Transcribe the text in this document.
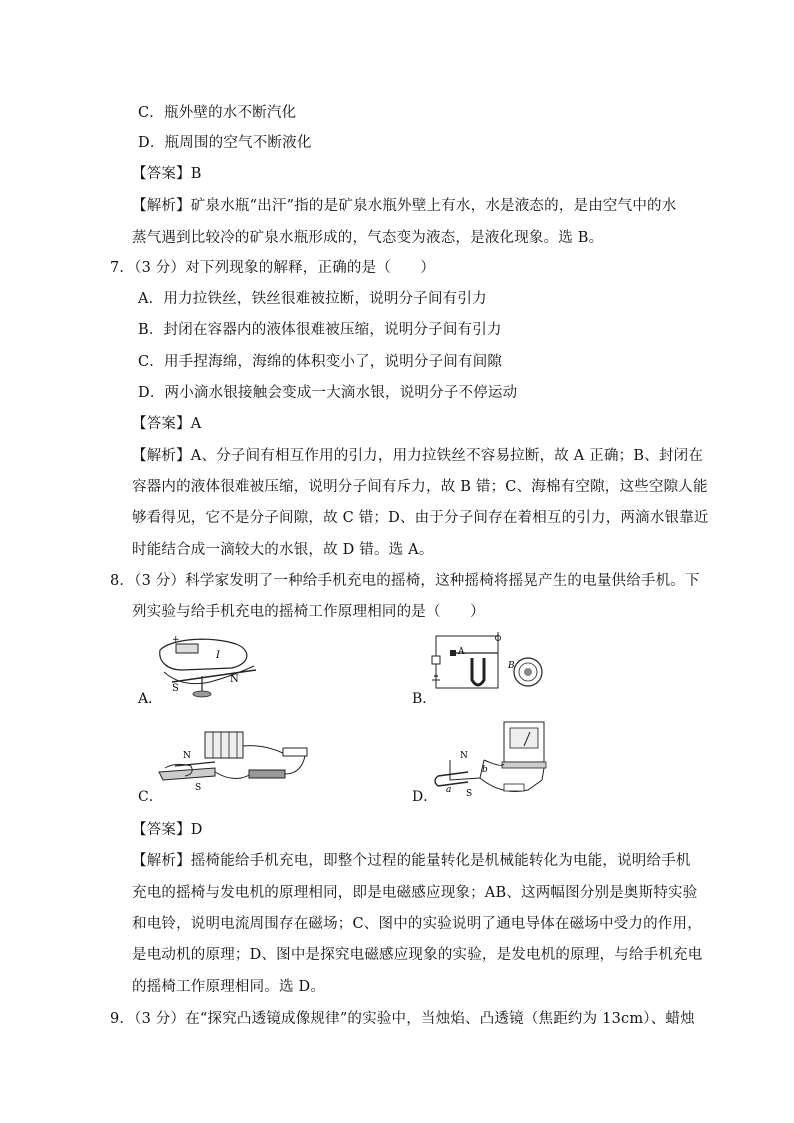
C．瓶外壁的水不断汽化
D．瓶周围的空气不断液化
【答案】B
【解析】矿泉水瓶“出汗”指的是矿泉水瓶外壁上有水，水是液态的，是由空气中的水
蒸气遇到比较冷的矿泉水瓶形成的，气态变为液态，是液化现象。选 B。
7．（3 分）对下列现象的解释，正确的是（　　）
A．用力拉铁丝，铁丝很难被拉断，说明分子间有引力
B．封闭在容器内的液体很难被压缩，说明分子间有引力
C．用手捏海绵，海绵的体积变小了，说明分子间有间隙
D．两小滴水银接触会变成一大滴水银，说明分子不停运动
【答案】A
【解析】A、分子间有相互作用的引力，用力拉铁丝不容易拉断，故 A 正确；B、封闭在
容器内的液体很难被压缩，说明分子间有斥力，故 B 错；C、海棉有空隙，这些空隙人能
够看得见，它不是分子间隙，故 C 错；D、由于分子间存在着相互的引力，两滴水银靠近
时能结合成一滴较大的水银，故 D 错。选 A。
8．（3 分）科学家发明了一种给手机充电的摇椅，这种摇椅将摇晃产生的电量供给手机。下
列实验与给手机充电的摇椅工作原理相同的是（　　）
+ −
I
S
N
A．
A
B
B．
N
S
C．
N
S
a
b
D．
【答案】D
【解析】摇椅能给手机充电，即整个过程的能量转化是机械能转化为电能，说明给手机
充电的摇椅与发电机的原理相同，即是电磁感应现象；AB、这两幅图分别是奥斯特实验
和电铃，说明电流周围存在磁场；C、图中的实验说明了通电导体在磁场中受力的作用，
是电动机的原理；D、图中是探究电磁感应现象的实验，是发电机的原理，与给手机充电
的摇椅工作原理相同。选 D。
9．（3 分）在“探究凸透镜成像规律”的实验中，当烛焰、凸透镜（焦距约为 13cm）、蜡烛
